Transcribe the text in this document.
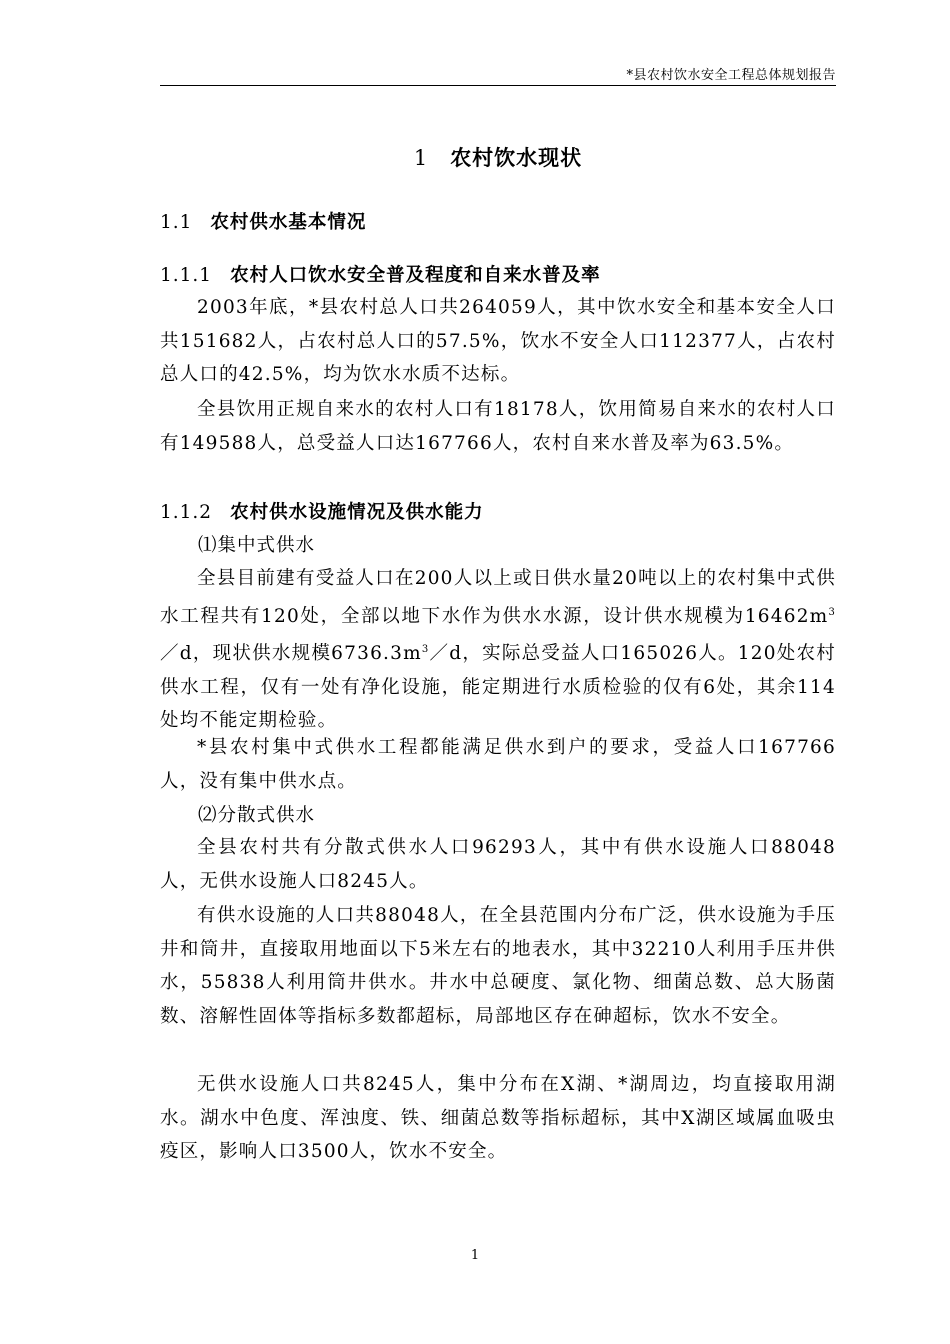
*县农村饮水安全工程总体规划报告
1 农村饮水现状
1.1 农村供水基本情况
1.1.1 农村人口饮水安全普及程度和自来水普及率

2003年底，*县农村总人口共264059人，其中饮水安全和基本安全人口共151682人，占农村总人口的57.5%，饮水不安全人口112377人，占农村总人口的42.5%，均为饮水水质不达标。

全县饮用正规自来水的农村人口有18178人，饮用简易自来水的农村人口有149588人，总受益人口达167766人，农村自来水普及率为63.5%。

1.1.2 农村供水设施情况及供水能力
⑴集中式供水

全县目前建有受益人口在200人以上或日供水量20吨以上的农村集中式供水工程共有120处，全部以地下水作为供水水源，设计供水规模为$16462m^3/d$，现状供水规模$6736.3m^3/d$，实际总受益人口165026人。120处农村供水工程，仅有一处有净化设施，能定期进行水质检验的仅有6处，其余114处均不能定期检验。

*县农村集中式供水工程都能满足供水到户的要求，受益人口167766人，没有集中供水点。

⑵分散式供水

全县农村共有分散式供水人口96293人，其中有供水设施人口88048人，无供水设施人口8245人。

有供水设施的人口共88048人，在全县范围内分布广泛，供水设施为手压井和筒井，直接取用地面以下5米左右的地表水，其中32210人利用手压井供水，55838人利用筒井供水。井水中总硬度、氯化物、细菌总数、总大肠菌数、溶解性固体等指标多数都超标，局部地区存在砷超标，饮水不安全。

无供水设施人口共8245人，集中分布在X湖、*湖周边，均直接取用湖水。湖水中色度、浑浊度、铁、细菌总数等指标超标，其中X湖区域属血吸虫疫区，影响人口3500人，饮水不安全。

1
